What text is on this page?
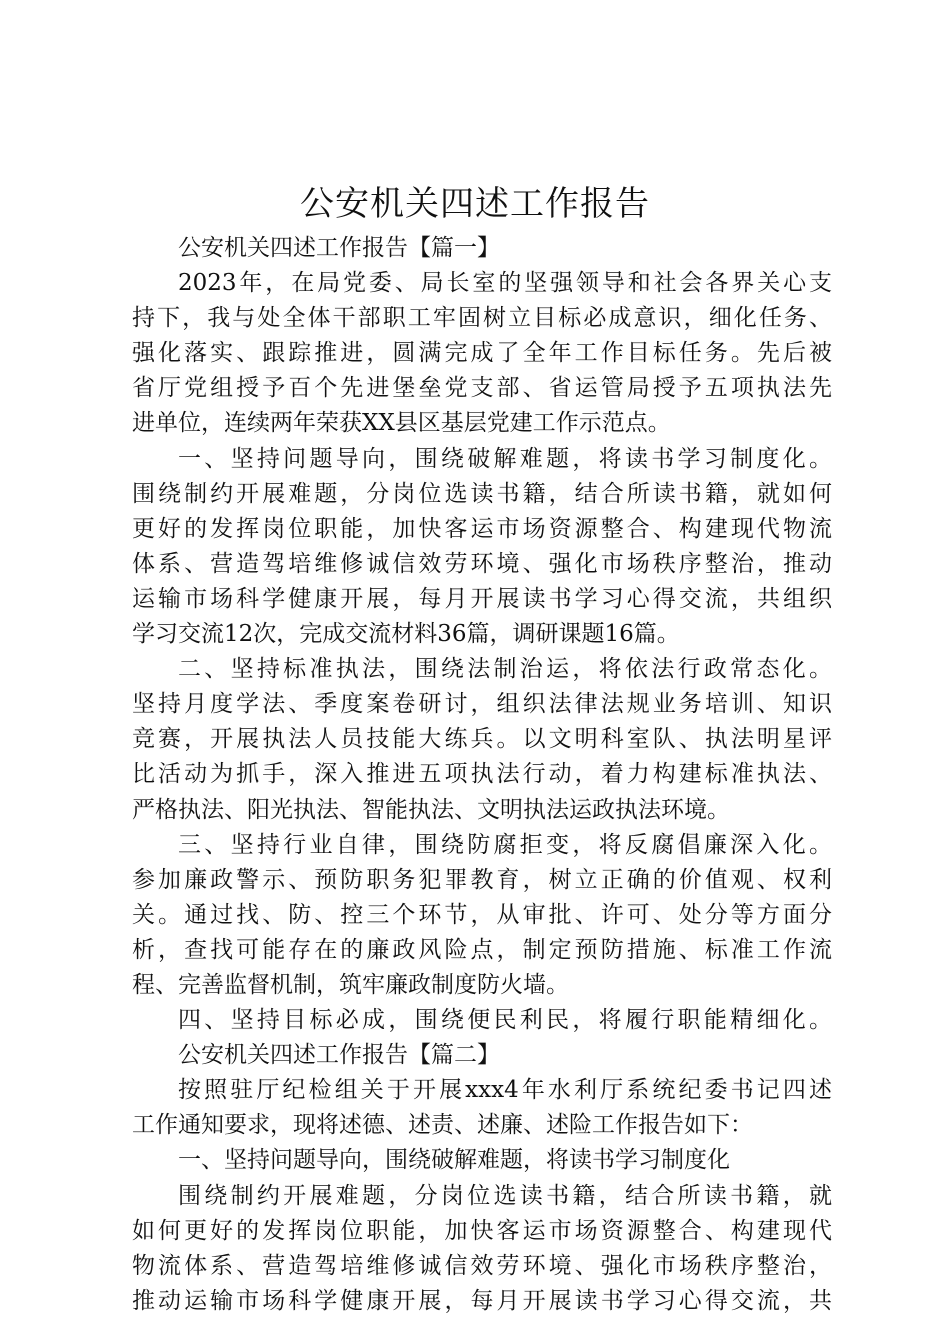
公安机关四述工作报告
公安机关四述工作报告【篇一】
2023年，在局党委、局长室的坚强领导和社会各界关心支
持下，我与处全体干部职工牢固树立目标必成意识，细化任务、
强化落实、跟踪推进，圆满完成了全年工作目标任务。先后被
省厅党组授予百个先进堡垒党支部、省运管局授予五项执法先
进单位，连续两年荣获XX县区基层党建工作示范点。
一、坚持问题导向，围绕破解难题，将读书学习制度化。
围绕制约开展难题，分岗位选读书籍，结合所读书籍，就如何
更好的发挥岗位职能，加快客运市场资源整合、构建现代物流
体系、营造驾培维修诚信效劳环境、强化市场秩序整治，推动
运输市场科学健康开展，每月开展读书学习心得交流，共组织
学习交流12次，完成交流材料36篇，调研课题16篇。
二、坚持标准执法，围绕法制治运，将依法行政常态化。
坚持月度学法、季度案卷研讨，组织法律法规业务培训、知识
竞赛，开展执法人员技能大练兵。以文明科室队、执法明星评
比活动为抓手，深入推进五项执法行动，着力构建标准执法、
严格执法、阳光执法、智能执法、文明执法运政执法环境。
三、坚持行业自律，围绕防腐拒变，将反腐倡廉深入化。
参加廉政警示、预防职务犯罪教育，树立正确的价值观、权利
关。通过找、防、控三个环节，从审批、许可、处分等方面分
析，查找可能存在的廉政风险点，制定预防措施、标准工作流
程、完善监督机制，筑牢廉政制度防火墙。
四、坚持目标必成，围绕便民利民，将履行职能精细化。
公安机关四述工作报告【篇二】
按照驻厅纪检组关于开展xxx4年水利厅系统纪委书记四述
工作通知要求，现将述德、述责、述廉、述险工作报告如下：
一、坚持问题导向，围绕破解难题，将读书学习制度化
围绕制约开展难题，分岗位选读书籍，结合所读书籍，就
如何更好的发挥岗位职能，加快客运市场资源整合、构建现代
物流体系、营造驾培维修诚信效劳环境、强化市场秩序整治，
推动运输市场科学健康开展，每月开展读书学习心得交流，共
